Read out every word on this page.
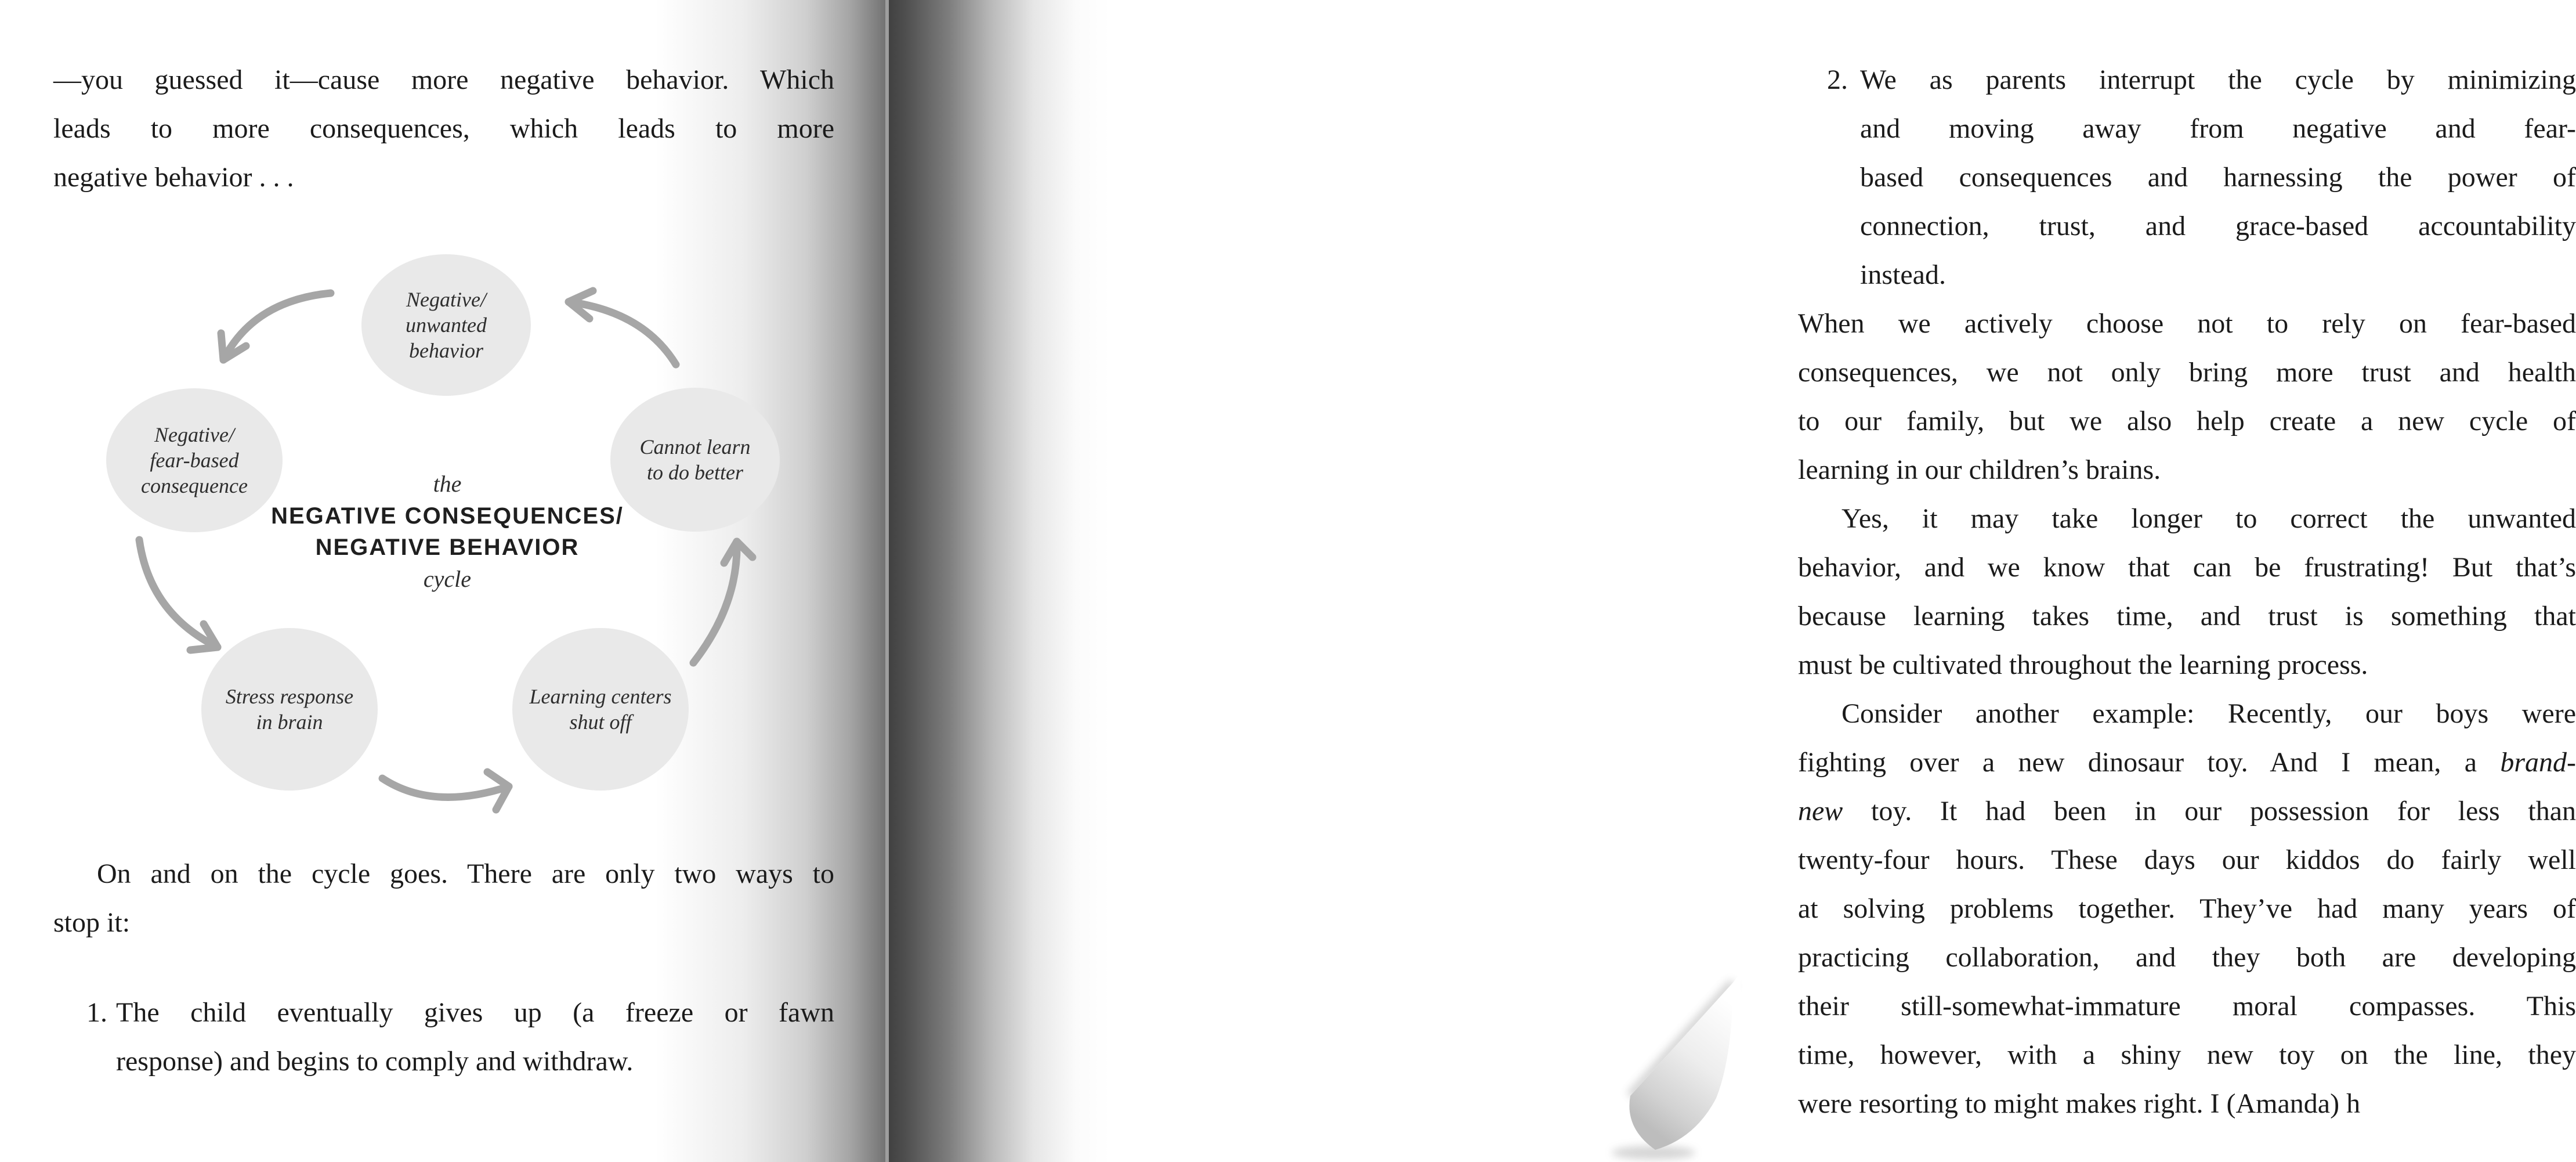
—you guessed it—cause more negative behavior. Which
leads to more consequences, which leads to more
negative behavior . . .
Negative/
unwanted
behavior
Negative/
fear-based
consequence
Cannot learn
to do better
Stress response
in brain
Learning centers
shut off
the
NEGATIVE CONSEQUENCES/
NEGATIVE BEHAVIOR
cycle
On and on the cycle goes. There are only two ways to
stop it:
1. The child eventually gives up (a freeze or fawn
response) and begins to comply and withdraw.
2. We as parents interrupt the cycle by minimizing
and moving away from negative and fear-
based consequences and harnessing the power of
connection, trust, and grace-based accountability
instead.
When we actively choose not to rely on fear-based
consequences, we not only bring more trust and health
to our family, but we also help create a new cycle of
learning in our children’s brains.
Yes, it may take longer to correct the unwanted
behavior, and we know that can be frustrating! But that’s
because learning takes time, and trust is something that
must be cultivated throughout the learning process.
Consider another example: Recently, our boys were
fighting over a new dinosaur toy. And I mean, a brand-
new toy. It had been in our possession for less than
twenty-four hours. These days our kiddos do fairly well
at solving problems together. They’ve had many years of
practicing collaboration, and they both are developing
their still-somewhat-immature moral compasses. This
time, however, with a shiny new toy on the line, they
were resorting to might makes right. I (Amanda) h
